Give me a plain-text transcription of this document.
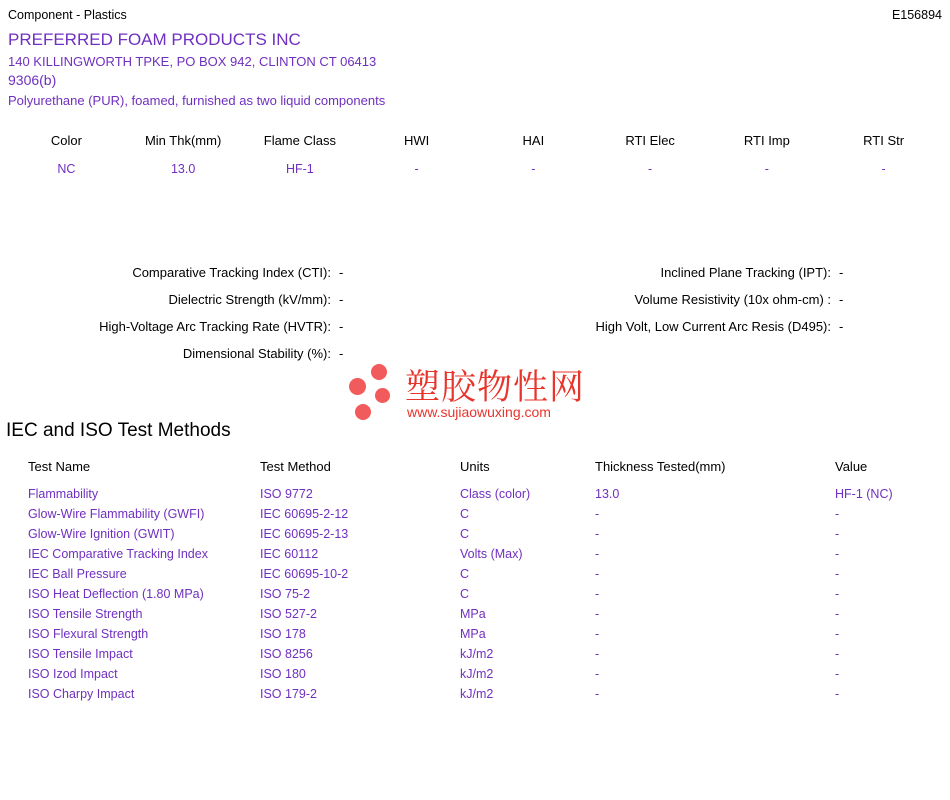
Component - Plastics	E156894
PREFERRED FOAM PRODUCTS INC
140 KILLINGWORTH TPKE, PO BOX 942, CLINTON CT 06413
9306(b)
Polyurethane (PUR), foamed, furnished as two liquid components
Color	Min Thk(mm)	Flame Class	HWI	HAI	RTI Elec	RTI Imp	RTI Str
NC	13.0	HF-1	-	-	-	-	-
Comparative Tracking Index (CTI): -	Inclined Plane Tracking (IPT): -
Dielectric Strength (kV/mm): -	Volume Resistivity (10x ohm-cm) : -
High-Voltage Arc Tracking Rate (HVTR): -	High Volt, Low Current Arc Resis (D495): -
Dimensional Stability (%): -
塑胶物性网
www.sujiaowuxing.com
IEC and ISO Test Methods
Test Name	Test Method	Units	Thickness Tested(mm)	Value
Flammability	ISO 9772	Class (color)	13.0	HF-1 (NC)
Glow-Wire Flammability (GWFI)	IEC 60695-2-12	C	-	-
Glow-Wire Ignition (GWIT)	IEC 60695-2-13	C	-	-
IEC Comparative Tracking Index	IEC 60112	Volts (Max)	-	-
IEC Ball Pressure	IEC 60695-10-2	C	-	-
ISO Heat Deflection (1.80 MPa)	ISO 75-2	C	-	-
ISO Tensile Strength	ISO 527-2	MPa	-	-
ISO Flexural Strength	ISO 178	MPa	-	-
ISO Tensile Impact	ISO 8256	kJ/m2	-	-
ISO Izod Impact	ISO 180	kJ/m2	-	-
ISO Charpy Impact	ISO 179-2	kJ/m2	-	-
